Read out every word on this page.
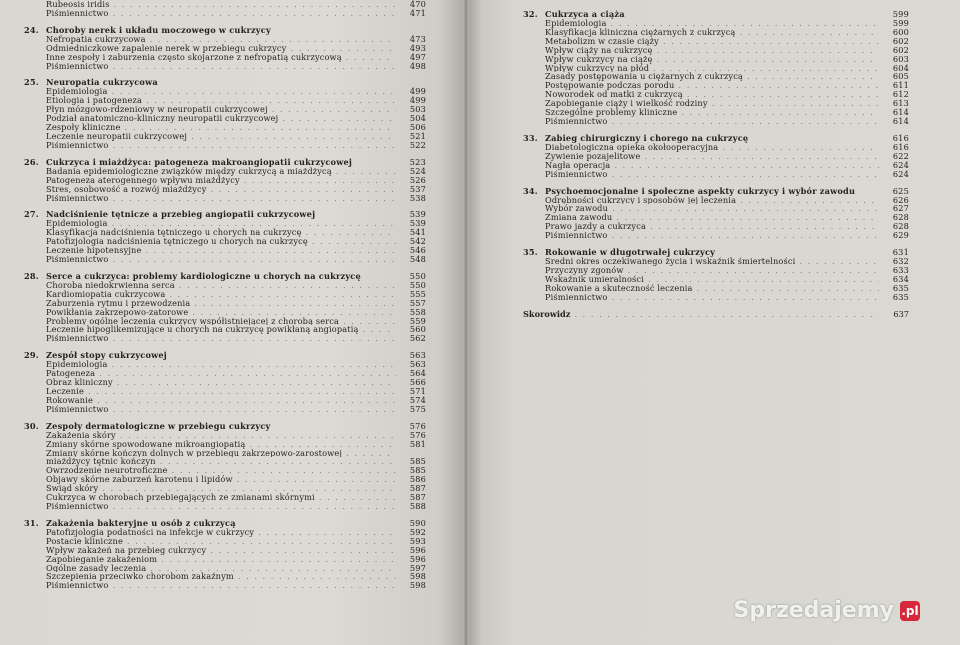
Rubeosis iridis . . .	470
Piśmiennictwo . . .	471
24. Choroby nerek i układu moczowego w cukrzycy
Nefropatia cukrzycowa . . .	473
Odmiedniczkowe zapalenie nerek w przebiegu cukrzycy . . .	493
Inne zespoły i zaburzenia często skojarzone z nefropatią cukrzycową . . .	497
Piśmiennictwo . . .	498
25. Neuropatia cukrzycowa
Epidemiologia . . .	499
Etiologia i patogeneza . . .	499
Płyn mózgowo-rdzeniowy w neuropatii cukrzycowej . . .	503
Podział anatomiczno-kliniczny neuropatii cukrzycowej . . .	504
Zespoły kliniczne . . .	506
Leczenie neuropatii cukrzycowej . . .	521
Piśmiennictwo . . .	522
26. Cukrzyca i miażdżyca: patogeneza makroangiopatii cukrzycowej	523
Badania epidemiologiczne związków między cukrzycą a miażdżycą . . .	524
Patogeneza aterogennego wpływu miażdżycy . . .	526
Stres, osobowość a rozwój miażdżycy . . .	537
Piśmiennictwo . . .	538
27. Nadciśnienie tętnicze a przebieg angiopatii cukrzycowej	539
Epidemiologia . . .	539
Klasyfikacja nadciśnienia tętniczego u chorych na cukrzycę . . .	541
Patofizjologia nadciśnienia tętniczego u chorych na cukrzycę . . .	542
Leczenie hipotensyjne . . .	546
Piśmiennictwo . . .	548
28. Serce a cukrzyca: problemy kardiologiczne u chorych na cukrzycę	550
Choroba niedokrwienna serca . . .	550
Kardiomiopatia cukrzycowa . . .	555
Zaburzenia rytmu i przewodzenia . . .	557
Powikłania zakrzepowo-zatorowe . . .	558
Problemy ogólne leczenia cukrzycy współistniejącej z chorobą serca . . .	559
Leczenie hipoglikemizujące u chorych na cukrzycę powikłaną angiopatią . . .	560
Piśmiennictwo . . .	562
29. Zespół stopy cukrzycowej	563
Epidemiologia . . .	563
Patogeneza . . .	564
Obraz kliniczny . . .	566
Leczenie . . .	571
Rokowanie . . .	574
Piśmiennictwo . . .	575
30. Zespoły dermatologiczne w przebiegu cukrzycy	576
Zakażenia skóry . . .	576
Zmiany skórne spowodowane mikroangiopatią . . .	581
Zmiany skórne kończyn dolnych w przebiegu zakrzepowo-zarostowej . . .
miażdżycy tętnic kończyn . . .	585
Owrzodzenie neurotroficzne . . .	585
Objawy skórne zaburzeń karotenu i lipidów . . .	586
Świąd skóry . . .	587
Cukrzyca w chorobach przebiegających ze zmianami skórnymi . . .	587
Piśmiennictwo . . .	588
31. Zakażenia bakteryjne u osób z cukrzycą	590
Patofizjologia podatności na infekcje w cukrzycy . . .	592
Postacie kliniczne . . .	593
Wpływ zakażeń na przebieg cukrzycy . . .	596
Zapobieganie zakażeniom . . .	596
Ogólne zasady leczenia . . .	597
Szczepienia przeciwko chorobom zakaźnym . . .	598
Piśmiennictwo . . .	598
32. Cukrzyca a ciąża	599
Epidemiologia . . .	599
Klasyfikacja kliniczna ciężarnych z cukrzycą . . .	600
Metabolizm w czasie ciąży . . .	602
Wpływ ciąży na cukrzycę . . .	602
Wpływ cukrzycy na ciążę . . .	603
Wpływ cukrzycy na płód . . .	604
Zasady postępowania u ciężarnych z cukrzycą . . .	605
Postępowanie podczas porodu . . .	611
Noworodek od matki z cukrzycą . . .	612
Zapobieganie ciąży i wielkość rodziny . . .	613
Szczególne problemy kliniczne . . .	614
Piśmiennictwo . . .	614
33. Zabieg chirurgiczny i chorego na cukrzycę	616
Diabetologiczna opieka okołooperacyjna . . .	616
Żywienie pozajelitowe . . .	622
Nagła operacja . . .	624
Piśmiennictwo . . .	624
34. Psychoemocjonalne i społeczne aspekty cukrzycy i wybór zawodu	625
Odrębności cukrzycy i sposobów jej leczenia . . .	626
Wybór zawodu . . .	627
Zmiana zawodu . . .	628
Prawo jazdy a cukrzyca . . .	628
Piśmiennictwo . . .	629
35. Rokowanie w długotrwałej cukrzycy	631
Średni okres oczekiwanego życia i wskaźnik śmiertelności . . .	632
Przyczyny zgonów . . .	633
Wskaźnik umieralności . . .	634
Rokowanie a skuteczność leczenia . . .	635
Piśmiennictwo . . .	635
Skorowidz . . .	637
Sprzedajemy .pl
